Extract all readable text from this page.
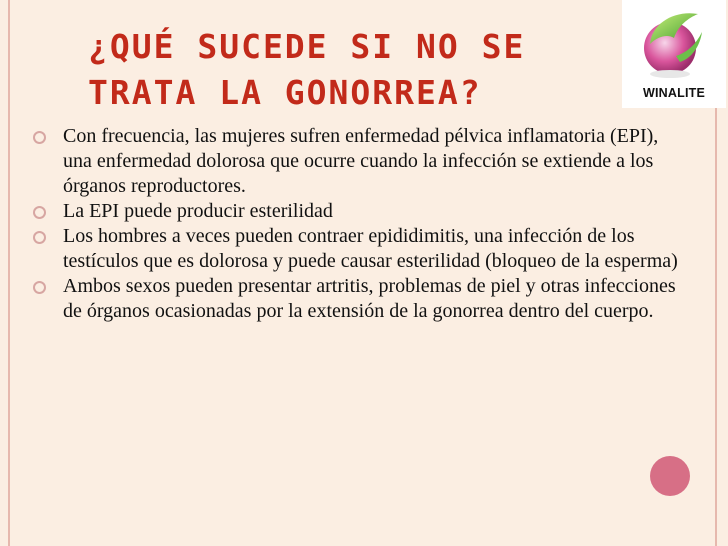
¿QUÉ SUCEDE SI NO SE
TRATA LA GONORREA?	WINALITE
Con frecuencia, las mujeres sufren enfermedad pélvica inflamatoria (EPI), una enfermedad dolorosa que ocurre cuando la infección se extiende a los órganos reproductores.
La EPI puede producir esterilidad
Los hombres a veces pueden contraer epididimitis, una infección de los testículos que es dolorosa y puede causar esterilidad (bloqueo de la esperma)
Ambos sexos pueden presentar artritis, problemas de piel y otras infecciones de órganos ocasionadas por la extensión de la gonorrea dentro del cuerpo.
